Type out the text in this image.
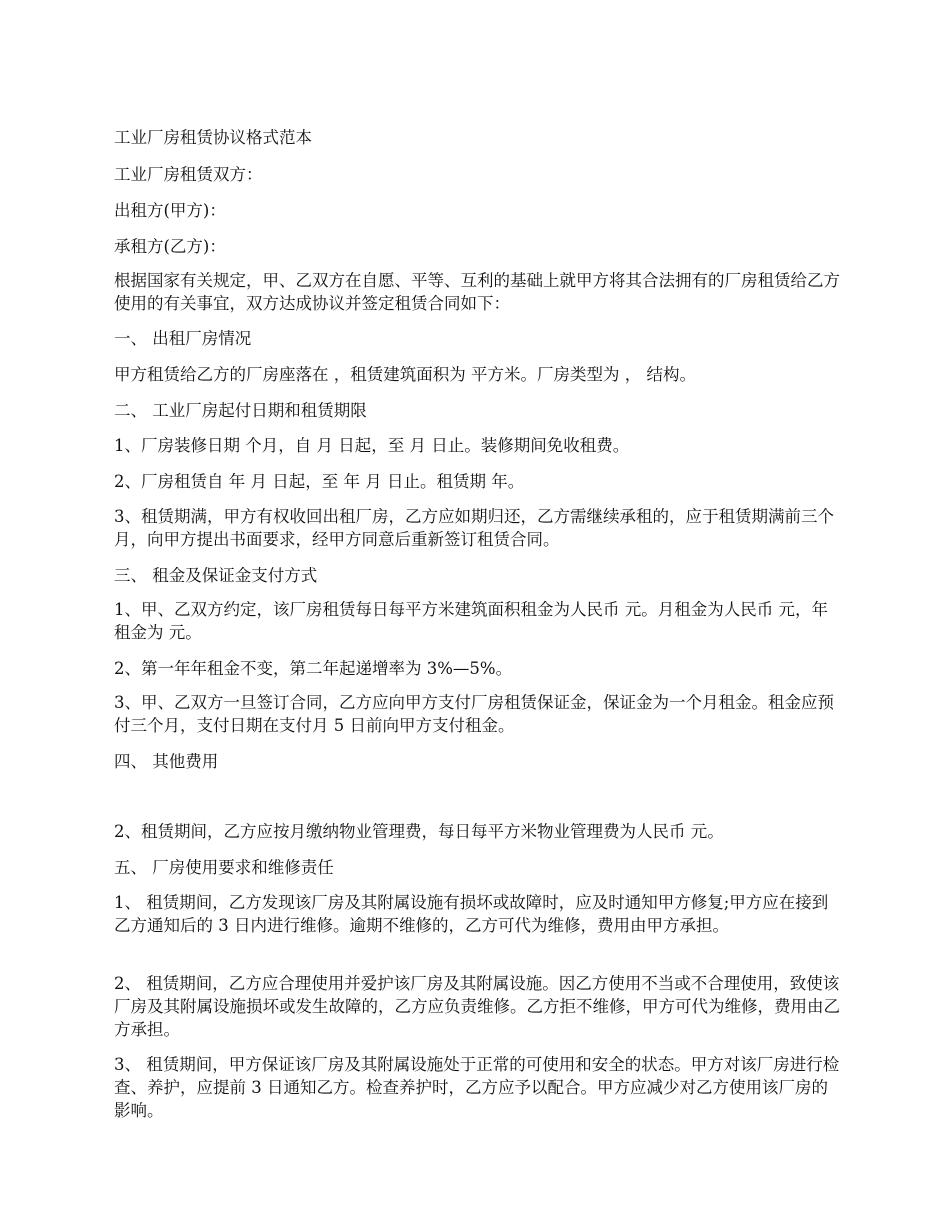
工业厂房租赁协议格式范本

工业厂房租赁双方：

出租方(甲方)：

承租方(乙方)：

根据国家有关规定，甲、乙双方在自愿、平等、互利的基础上就甲方将其合法拥有的厂房租赁给乙方使用的有关事宜，双方达成协议并签定租赁合同如下：

一、 出租厂房情况

甲方租赁给乙方的厂房座落在 ，租赁建筑面积为 平方米。厂房类型为 ， 结构。

二、 工业厂房起付日期和租赁期限

1、厂房装修日期 个月，自 月 日起，至 月 日止。装修期间免收租费。

2、厂房租赁自 年 月 日起，至 年 月 日止。租赁期 年。

3、租赁期满，甲方有权收回出租厂房，乙方应如期归还，乙方需继续承租的，应于租赁期满前三个月，向甲方提出书面要求，经甲方同意后重新签订租赁合同。

三、 租金及保证金支付方式

1、甲、乙双方约定，该厂房租赁每日每平方米建筑面积租金为人民币 元。月租金为人民币 元，年租金为 元。

2、第一年年租金不变，第二年起递增率为 3%—5%。

3、甲、乙双方一旦签订合同，乙方应向甲方支付厂房租赁保证金，保证金为一个月租金。租金应预付三个月，支付日期在支付月 5 日前向甲方支付租金。

四、 其他费用

2、租赁期间，乙方应按月缴纳物业管理费，每日每平方米物业管理费为人民币 元。

五、 厂房使用要求和维修责任

1、 租赁期间，乙方发现该厂房及其附属设施有损坏或故障时，应及时通知甲方修复;甲方应在接到乙方通知后的 3 日内进行维修。逾期不维修的，乙方可代为维修，费用由甲方承担。

2、 租赁期间，乙方应合理使用并爱护该厂房及其附属设施。因乙方使用不当或不合理使用，致使该厂房及其附属设施损坏或发生故障的，乙方应负责维修。乙方拒不维修，甲方可代为维修，费用由乙方承担。

3、 租赁期间，甲方保证该厂房及其附属设施处于正常的可使用和安全的状态。甲方对该厂房进行检查、养护，应提前 3 日通知乙方。检查养护时，乙方应予以配合。甲方应减少对乙方使用该厂房的影响。
